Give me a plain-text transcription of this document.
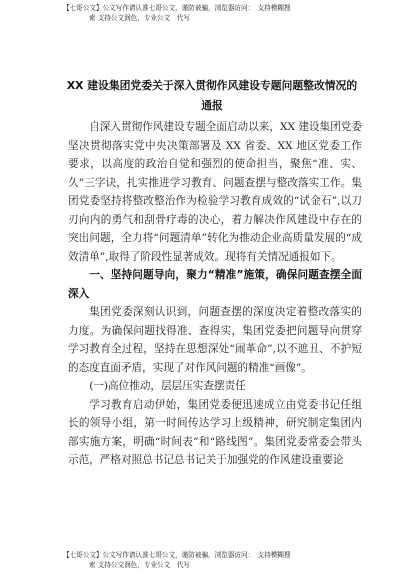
【七哥公文】公文写作请认准七哥公文，谨防被骗，浏览器访问：　支持模糊搜
索 支持公文润色，专业公文　代写
XX 建设集团党委关于深入贯彻作风建设专题问题整改情况的通报

自深入贯彻作风建设专题全面启动以来，XX 建设集团党委坚决贯彻落实党中央决策部署及 XX 省委、XX 地区党委工作要求，以高度的政治自觉和强烈的使命担当，聚焦“准、实、久”三字诀，扎实推进学习教育、问题查摆与整改落实工作。集团党委坚持将整改整治作为检验学习教育成效的“试金石”,以刀刃向内的勇气和刮骨疗毒的决心，着力解决作风建设中存在的突出问题，全力将“问题清单”转化为推动企业高质量发展的“成效清单”,取得了阶段性显著成效。现将有关情况通报如下。

一、坚持问题导向，聚力“精准”施策，确保问题查摆全面深入

集团党委深刻认识到，问题查摆的深度决定着整改落实的力度。为确保问题找得准、查得实，集团党委把问题导向贯穿学习教育全过程，坚持在思想深处“闹革命”,以不遮丑、不护短的态度直面矛盾，实现了对作风问题的精准“画像”。

(一)高位推动，层层压实查摆责任

学习教育启动伊始，集团党委便迅速成立由党委书记任组长的领导小组，第一时间传达学习上级精神，研究制定集团内部实施方案，明确“时间表”和“路线图”。集团党委常委会带头示范，严格对照总书记总书记关于加强党的作风建设重要论

【七哥公文】公文写作请认准七哥公文，谨防被骗，浏览器访问：　支持模糊搜
索 支持公文润色，专业公文　代写
